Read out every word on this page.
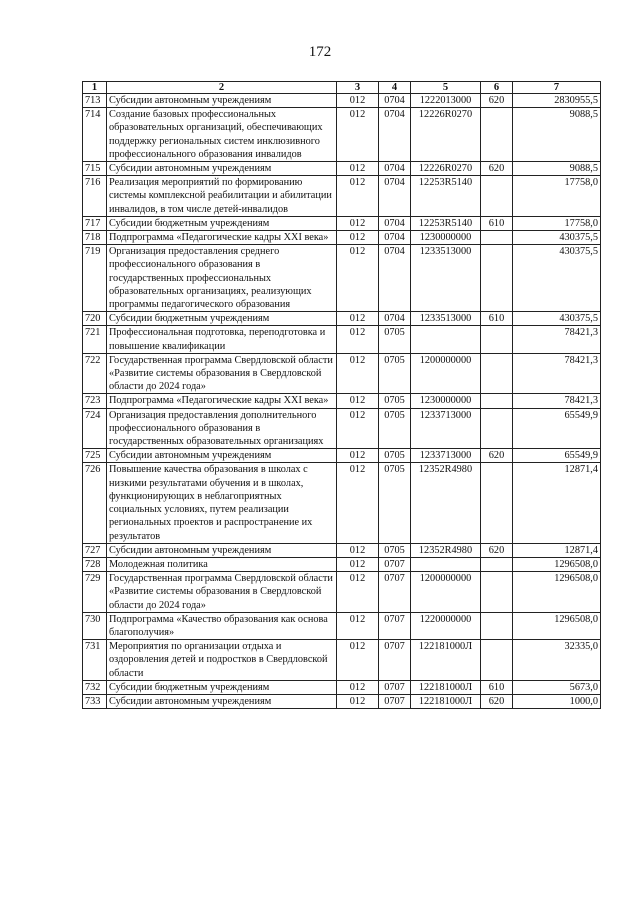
172
1	2	3	4	5	6	7
713	Субсидии автономным учреждениям	012	0704	1222013000	620	2830955,5
714	Создание базовых профессиональных образовательных организаций, обеспечивающих поддержку региональных систем инклюзивного профессионального образования инвалидов	012	0704	12226R0270		9088,5
715	Субсидии автономным учреждениям	012	0704	12226R0270	620	9088,5
716	Реализация мероприятий по формированию системы комплексной реабилитации и абилитации инвалидов, в том числе детей-инвалидов	012	0704	12253R5140		17758,0
717	Субсидии бюджетным учреждениям	012	0704	12253R5140	610	17758,0
718	Подпрограмма «Педагогические кадры XXI века»	012	0704	1230000000		430375,5
719	Организация предоставления среднего профессионального образования в государственных профессиональных образовательных организациях, реализующих программы педагогического образования	012	0704	1233513000		430375,5
720	Субсидии бюджетным учреждениям	012	0704	1233513000	610	430375,5
721	Профессиональная подготовка, переподготовка и повышение квалификации	012	0705			78421,3
722	Государственная программа Свердловской области «Развитие системы образования в Свердловской области до 2024 года»	012	0705	1200000000		78421,3
723	Подпрограмма «Педагогические кадры XXI века»	012	0705	1230000000		78421,3
724	Организация предоставления дополнительного профессионального образования в государственных образовательных организациях	012	0705	1233713000		65549,9
725	Субсидии автономным учреждениям	012	0705	1233713000	620	65549,9
726	Повышение качества образования в школах с низкими результатами обучения и в школах, функционирующих в неблагоприятных социальных условиях, путем реализации региональных проектов и распространение их результатов	012	0705	12352R4980		12871,4
727	Субсидии автономным учреждениям	012	0705	12352R4980	620	12871,4
728	Молодежная политика	012	0707			1296508,0
729	Государственная программа Свердловской области «Развитие системы образования в Свердловской области до 2024 года»	012	0707	1200000000		1296508,0
730	Подпрограмма «Качество образования как основа благополучия»	012	0707	1220000000		1296508,0
731	Мероприятия по организации отдыха и оздоровления детей и подростков в Свердловской области	012	0707	122181000Л		32335,0
732	Субсидии бюджетным учреждениям	012	0707	122181000Л	610	5673,0
733	Субсидии автономным учреждениям	012	0707	122181000Л	620	1000,0
